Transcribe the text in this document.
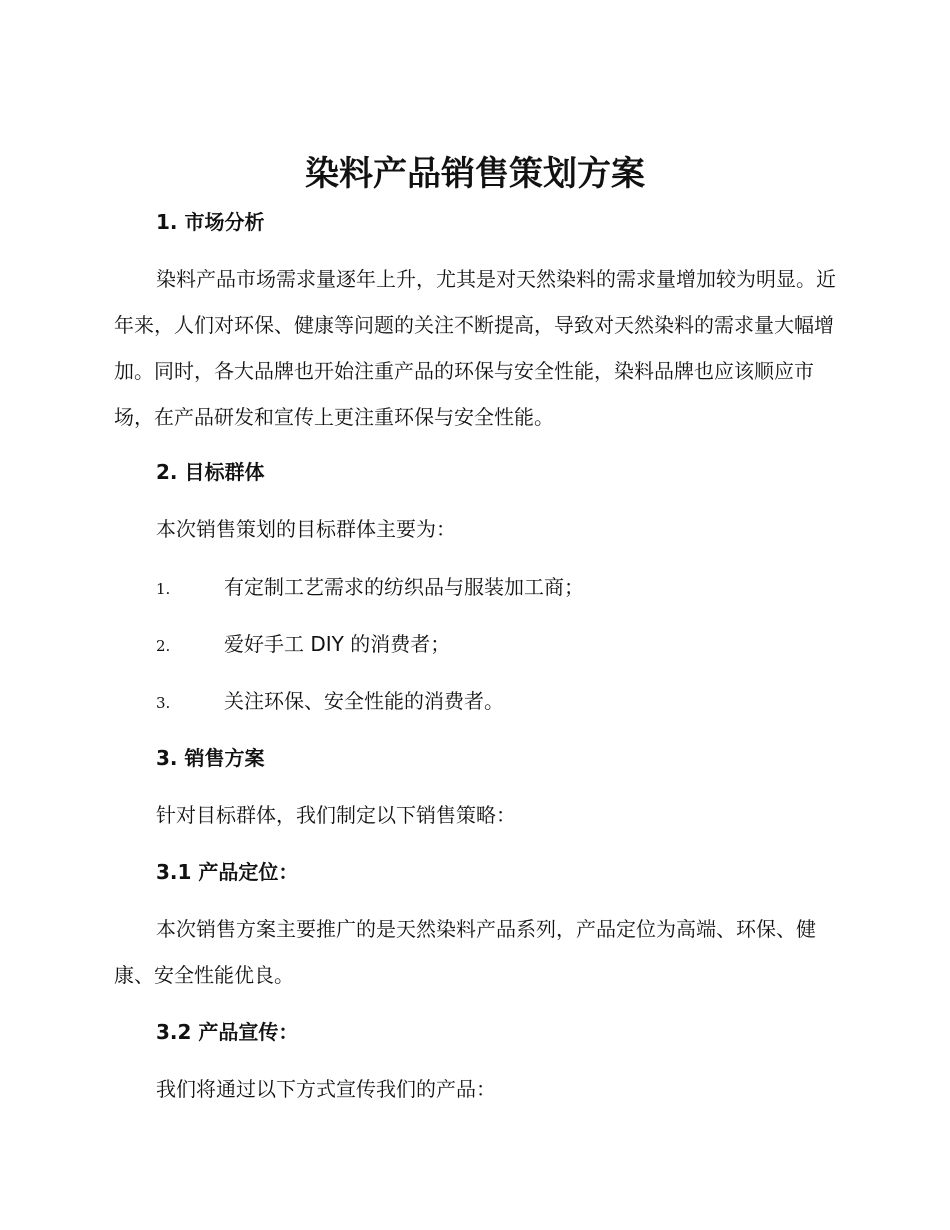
染料产品销售策划方案
1. 市场分析

染料产品市场需求量逐年上升，尤其是对天然染料的需求量增加较为明显。近年来，人们对环保、健康等问题的关注不断提高，导致对天然染料的需求量大幅增加。同时，各大品牌也开始注重产品的环保与安全性能，染料品牌也应该顺应市场，在产品研发和宣传上更注重环保与安全性能。

2. 目标群体
本次销售策划的目标群体主要为：
1.	有定制工艺需求的纺织品与服装加工商；
2.	爱好手工 DIY 的消费者；
3.	关注环保、安全性能的消费者。
3. 销售方案
针对目标群体，我们制定以下销售策略：
3.1 产品定位：

本次销售方案主要推广的是天然染料产品系列，产品定位为高端、环保、健康、安全性能优良。

3.2 产品宣传：
我们将通过以下方式宣传我们的产品：
